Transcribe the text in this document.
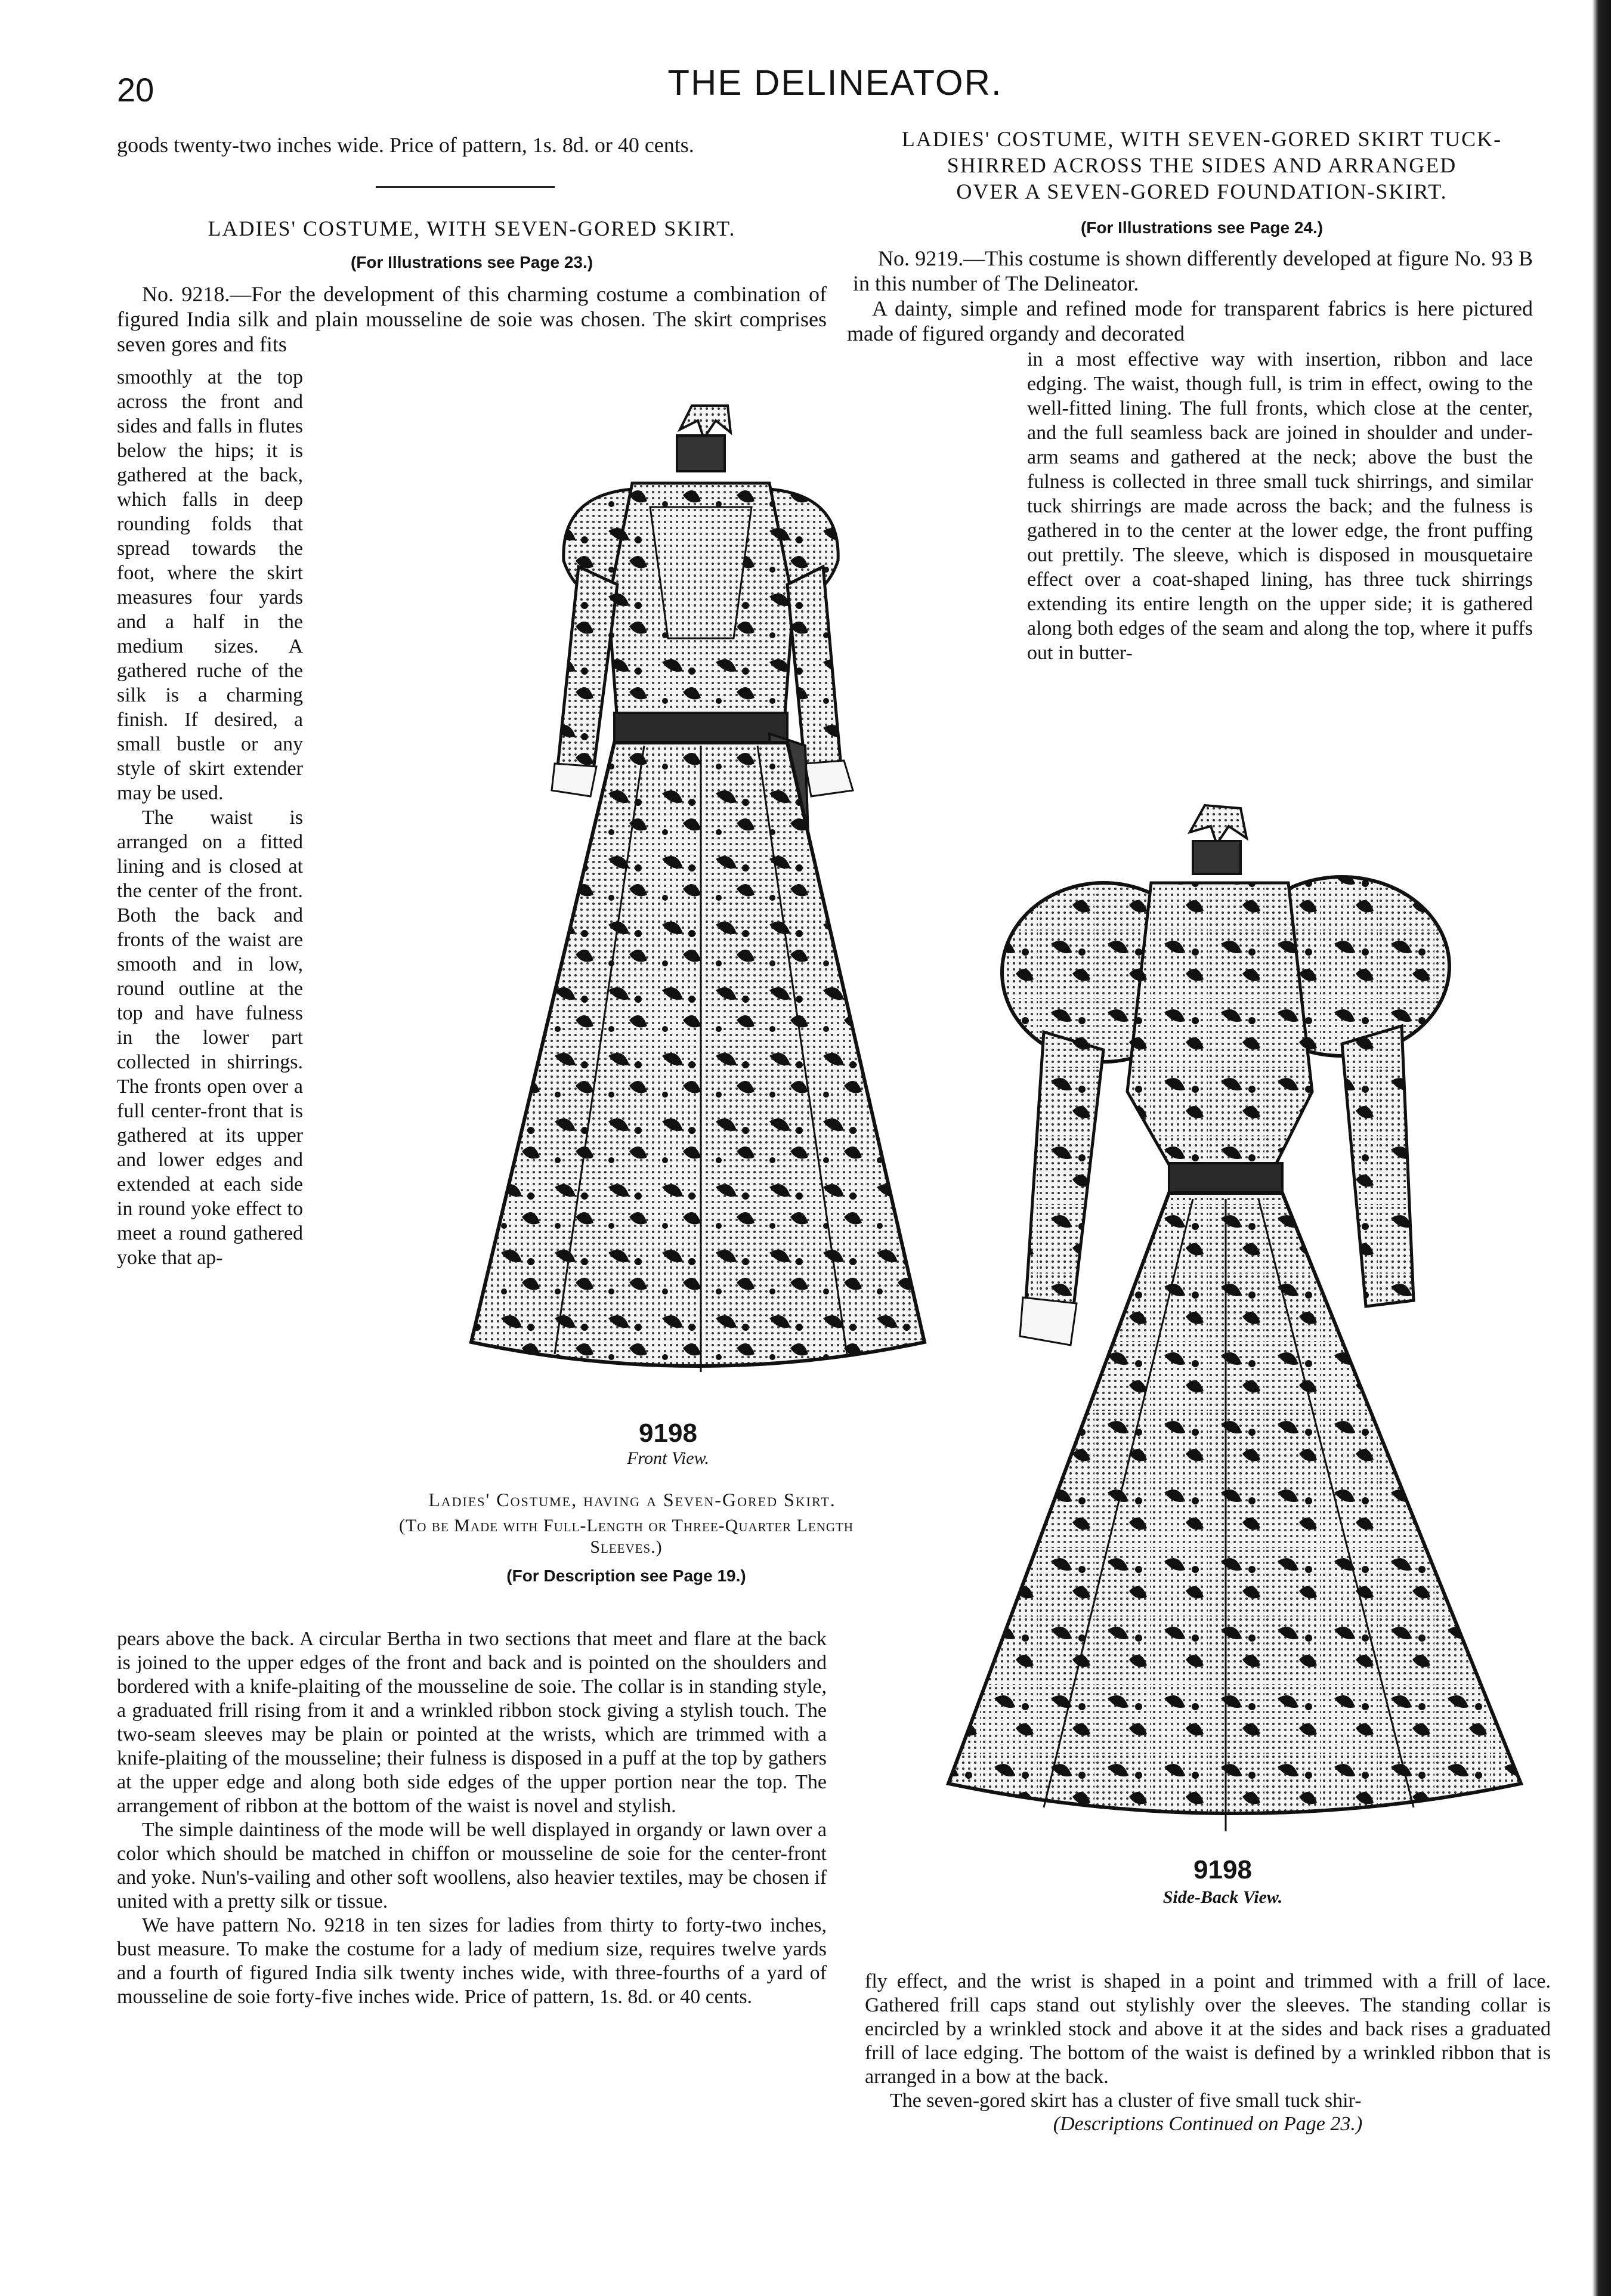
20	THE DELINEATOR.
goods twenty-two inches wide. Price of pattern, 1s. 8d. or 40 cents.
LADIES' COSTUME, WITH SEVEN-GORED SKIRT.
(For Illustrations see Page 23.)

No. 9218.—For the development of this charming costume a combination of figured India silk and plain mousseline de soie was chosen. The skirt comprises seven gores and fits

smoothly at the top across the front and sides and falls in flutes below the hips; it is gathered at the back, which falls in deep rounding folds that spread towards the foot, where the skirt measures four yards and a half in the medium sizes. A gathered ruche of the silk is a charming finish. If desired, a small bustle or any style of skirt extender may be used.

The waist is arranged on a fitted lining and is closed at the center of the front. Both the back and fronts of the waist are smooth and in low, round outline at the top and have fulness in the lower part collected in shirrings. The fronts open over a full center-front that is gathered at its upper and lower edges and extended at each side in round yoke effect to meet a round gathered yoke that ap-

pears above the back. A circular Bertha in two sections that meet and flare at the back is joined to the upper edges of the front and back and is pointed on the shoulders and bordered with a knife-plaiting of the mousseline de soie. The collar is in standing style, a graduated frill rising from it and a wrinkled ribbon stock giving a stylish touch. The two-seam sleeves may be plain or pointed at the wrists, which are trimmed with a knife-plaiting of the mousseline; their fulness is disposed in a puff at the top by gathers at the upper edge and along both side edges of the upper portion near the top. The arrangement of ribbon at the bottom of the waist is novel and stylish.

The simple daintiness of the mode will be well displayed in organdy or lawn over a color which should be matched in chiffon or mousseline de soie for the center-front and yoke. Nun's-vailing and other soft woollens, also heavier textiles, may be chosen if united with a pretty silk or tissue.

We have pattern No. 9218 in ten sizes for ladies from thirty to forty-two inches, bust measure. To make the costume for a lady of medium size, requires twelve yards and a fourth of figured India silk twenty inches wide, with three-fourths of a yard of mousseline de soie forty-five inches wide. Price of pattern, 1s. 8d. or 40 cents.

9198
Front View.
Ladies' Costume, having a Seven-Gored Skirt.
(To be Made with Full-Length or Three-Quarter Length Sleeves.)
(For Description see Page 19.)
LADIES' COSTUME, WITH SEVEN-GORED SKIRT TUCK-
SHIRRED ACROSS THE SIDES AND ARRANGED
OVER A SEVEN-GORED FOUNDATION-SKIRT.
(For Illustrations see Page 24.)

No. 9219.—This costume is shown differently developed at figure No. 93 B in this number of The Delineator.

A dainty, simple and refined mode for transparent fabrics is here pictured made of figured organdy and decorated

in a most effective way with insertion, ribbon and lace edging. The waist, though full, is trim in effect, owing to the well-fitted lining. The full fronts, which close at the center, and the full seamless back are joined in shoulder and under-arm seams and gathered at the neck; above the bust the fulness is collected in three small tuck shirrings, and similar tuck shirrings are made across the back; and the fulness is gathered in to the center at the lower edge, the front puffing out prettily. The sleeve, which is disposed in mousquetaire effect over a coat-shaped lining, has three tuck shirrings extending its entire length on the upper side; it is gathered along both edges of the seam and along the top, where it puffs out in butter-
9198
Side-Back View.
fly effect, and the wrist is shaped in a point and trimmed with a frill of lace. Gathered frill caps stand out stylishly over the sleeves. The standing collar is encircled by a wrinkled stock and above it at the sides and back rises a graduated frill of lace edging. The bottom of the waist is defined by a wrinkled ribbon that is arranged in a bow at the back.

The seven-gored skirt has a cluster of five small tuck shir-

(Descriptions Continued on Page 23.)
